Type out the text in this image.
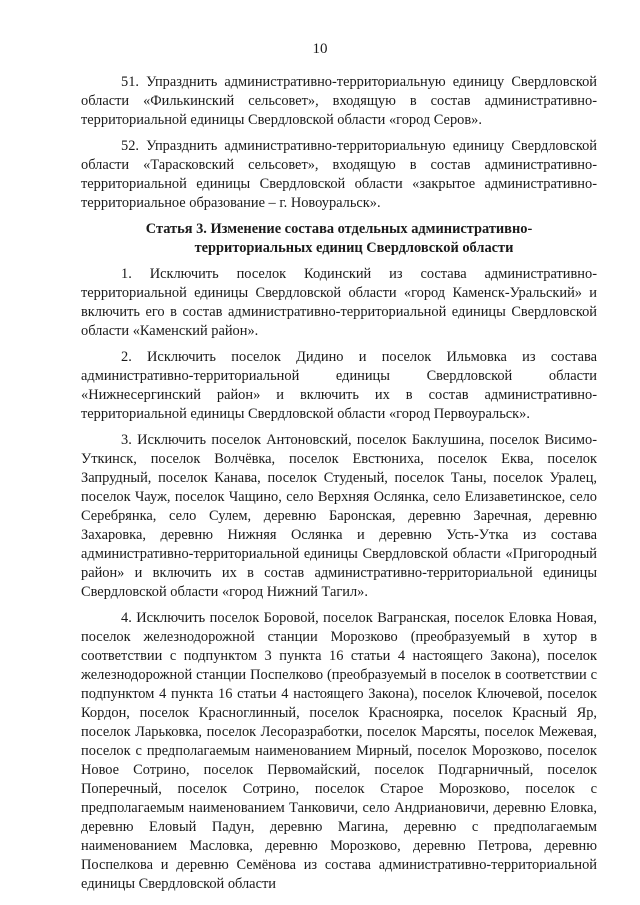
10

51. Упразднить административно-территориальную единицу Свердловской области «Филькинский сельсовет», входящую в состав административно-территориальной единицы Свердловской области «город Серов».

52. Упразднить административно-территориальную единицу Свердловской области «Тарасковский сельсовет», входящую в состав административно-территориальной единицы Свердловской области «закрытое административно-территориальное образование – г. Новоуральск».

Статья 3. Изменение состава отдельных административно-
территориальных единиц Свердловской области

1. Исключить поселок Кодинский из состава административно-территориальной единицы Свердловской области «город Каменск-Уральский» и включить его в состав административно-территориальной единицы Свердловской области «Каменский район».

2. Исключить поселок Дидино и поселок Ильмовка из состава административно-территориальной единицы Свердловской области «Нижнесергинский район» и включить их в состав административно-территориальной единицы Свердловской области «город Первоуральск».

3. Исключить поселок Антоновский, поселок Баклушина, поселок Висимо-Уткинск, поселок Волчёвка, поселок Евстюниха, поселок Еква, поселок Запрудный, поселок Канава, поселок Студеный, поселок Таны, поселок Уралец, поселок Чауж, поселок Чащино, село Верхняя Ослянка, село Елизаветинское, село Серебрянка, село Сулем, деревню Баронская, деревню Заречная, деревню Захаровка, деревню Нижняя Ослянка и деревню Усть-Утка из состава административно-территориальной единицы Свердловской области «Пригородный район» и включить их в состав административно-территориальной единицы Свердловской области «город Нижний Тагил».

4. Исключить поселок Боровой, поселок Вагранская, поселок Еловка Новая, поселок железнодорожной станции Морозково (преобразуемый в хутор в соответствии с подпунктом 3 пункта 16 статьи 4 настоящего Закона), поселок железнодорожной станции Поспелково (преобразуемый в поселок в соответствии с подпунктом 4 пункта 16 статьи 4 настоящего Закона), поселок Ключевой, поселок Кордон, поселок Красноглинный, поселок Красноярка, поселок Красный Яр, поселок Ларьковка, поселок Лесоразработки, поселок Марсяты, поселок Межевая, поселок с предполагаемым наименованием Мирный, поселок Морозково, поселок Новое Сотрино, поселок Первомайский, поселок Подгарничный, поселок Поперечный, поселок Сотрино, поселок Старое Морозково, поселок с предполагаемым наименованием Танковичи, село Андриановичи, деревню Еловка, деревню Еловый Падун, деревню Магина, деревню с предполагаемым наименованием Масловка, деревню Морозково, деревню Петрова, деревню Поспелкова и деревню Семёнова из состава административно-территориальной единицы Свердловской области
